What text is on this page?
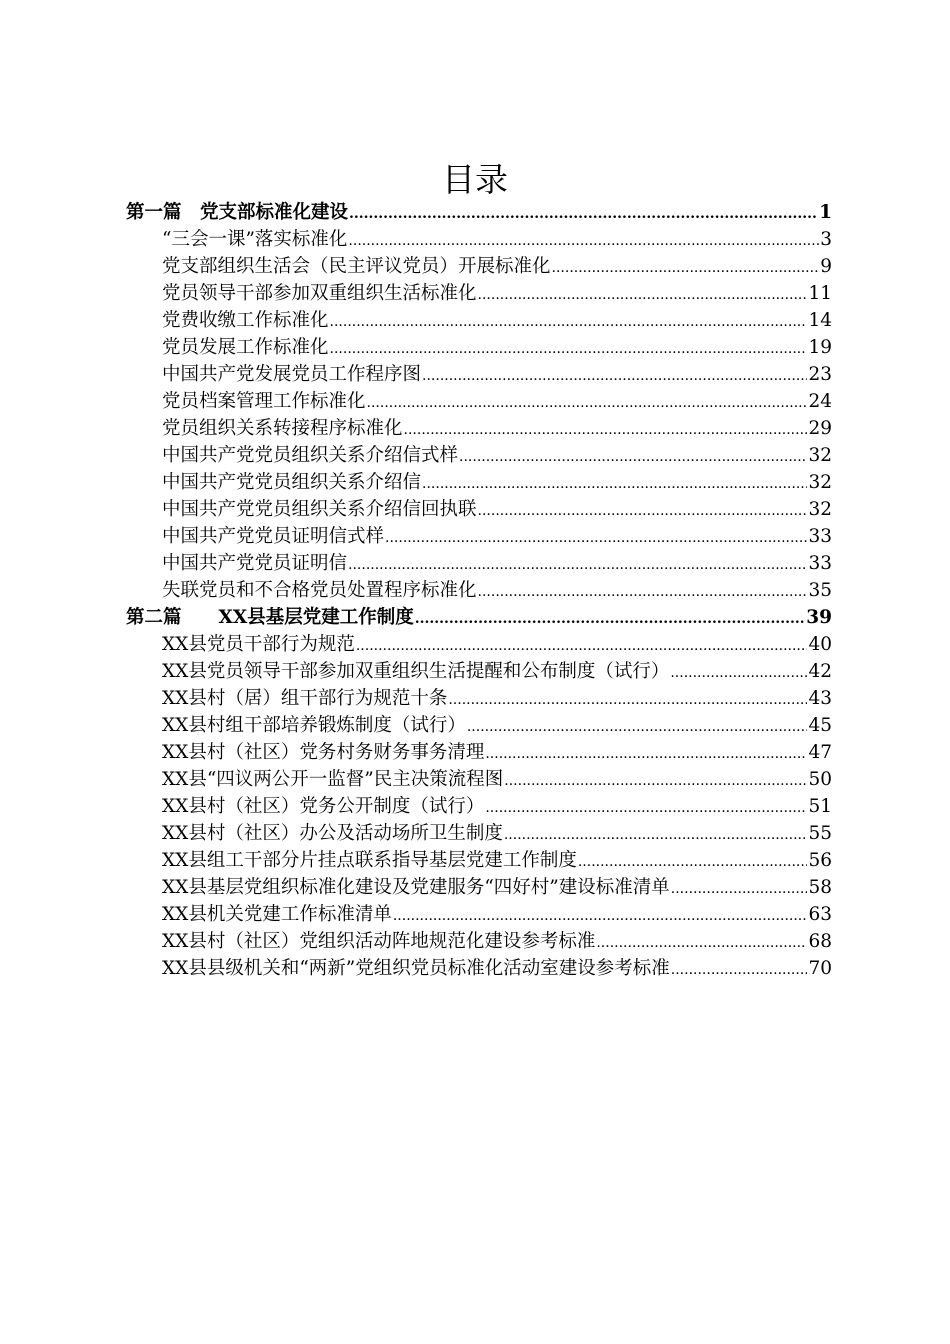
目录
第一篇　党支部标准化建设 .....	1
“三会一课”落实标准化 .....	3
党支部组织生活会（民主评议党员）开展标准化 .....	9
党员领导干部参加双重组织生活标准化 .....	11
党费收缴工作标准化 .....	14
党员发展工作标准化 .....	19
中国共产党发展党员工作程序图 .....	23
党员档案管理工作标准化 .....	24
党员组织关系转接程序标准化 .....	29
中国共产党党员组织关系介绍信式样 .....	32
中国共产党党员组织关系介绍信 .....	32
中国共产党党员组织关系介绍信回执联 .....	32
中国共产党党员证明信式样 .....	33
中国共产党党员证明信 .....	33
失联党员和不合格党员处置程序标准化 .....	35
第二篇　　XX县基层党建工作制度 .....	39
XX县党员干部行为规范 .....	40
XX县党员领导干部参加双重组织生活提醒和公布制度（试行） .....	42
XX县村（居）组干部行为规范十条 .....	43
XX县村组干部培养锻炼制度（试行） .....	45
XX县村（社区）党务村务财务事务清理 .....	47
XX县“四议两公开一监督”民主决策流程图 .....	50
XX县村（社区）党务公开制度（试行） .....	51
XX县村（社区）办公及活动场所卫生制度 .....	55
XX县组工干部分片挂点联系指导基层党建工作制度 .....	56
XX县基层党组织标准化建设及党建服务“四好村”建设标准清单 .....	58
XX县机关党建工作标准清单 .....	63
XX县村（社区）党组织活动阵地规范化建设参考标准 .....	68
XX县县级机关和“两新”党组织党员标准化活动室建设参考标准 .....	70
